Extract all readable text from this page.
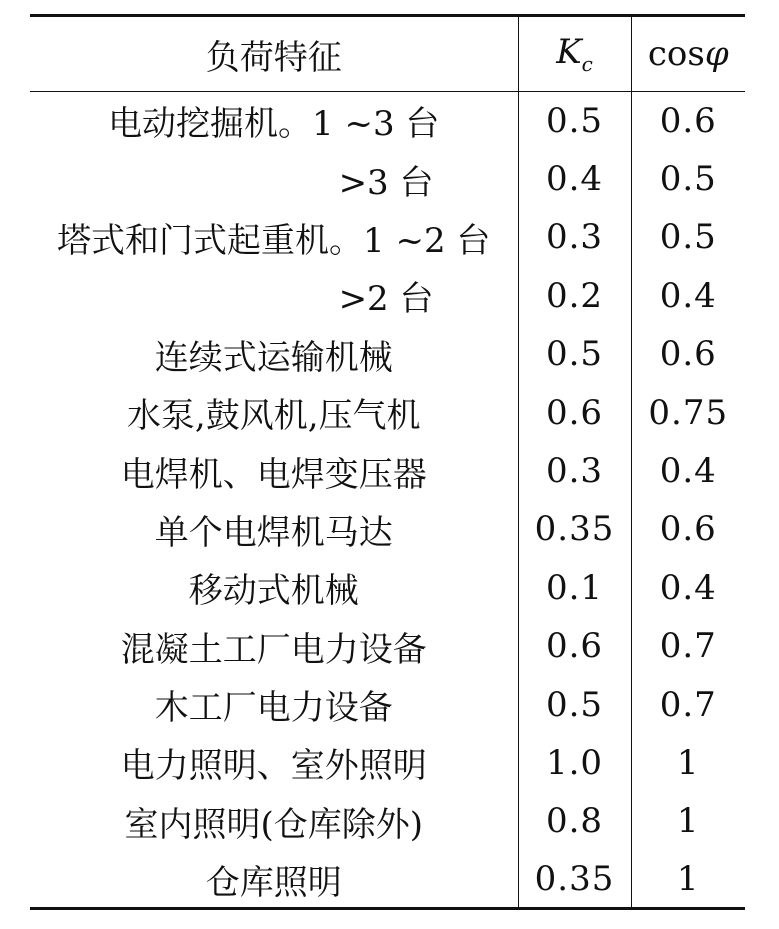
负荷特征	$K_c$	cosφ
电动挖掘机。1 ~3 台	0.5	0.6
>3 台	0.4	0.5
塔式和门式起重机。1 ~2 台	0.3	0.5
>2 台	0.2	0.4
连续式运输机械	0.5	0.6
水泵,鼓风机,压气机	0.6	0.75
电焊机、电焊变压器	0.3	0.4
单个电焊机马达	0.35	0.6
移动式机械	0.1	0.4
混凝土工厂电力设备	0.6	0.7
木工厂电力设备	0.5	0.7
电力照明、室外照明	1.0	1
室内照明(仓库除外)	0.8	1
仓库照明	0.35	1
